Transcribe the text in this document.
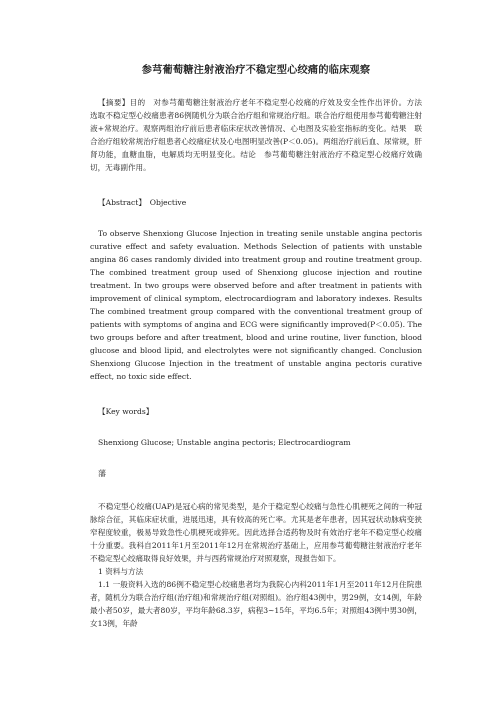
参芎葡萄糖注射液治疗不稳定型心绞痛的临床观察

【摘要】目的　对参芎葡萄糖注射液治疗老年不稳定型心绞痛的疗效及安全性作出评价。方法　选取不稳定型心绞痛患者86例随机分为联合治疗组和常规治疗组。联合治疗组使用参芎葡萄糖注射液+常规治疗。观察两组治疗前后患者临床症状改善情况、心电图及实验室指标的变化。结果　联合治疗组较常规治疗组患者心绞痛症状及心电图明显改善(P＜0.05)。两组治疗前后血、尿常规，肝肾功能，血糖血脂，电解质均无明显变化。结论　参芎葡萄糖注射液治疗不稳定型心绞痛疗效确切，无毒副作用。

【Abstract】　Objective

To observe Shenxiong Glucose Injection in treating senile unstable angina pectoris curative effect and safety evaluation. Methods Selection of patients with unstable angina 86 cases randomly divided into treatment group and routine treatment group. The combined treatment group used of Shenxiong glucose injection and routine treatment. In two groups were observed before and after treatment in patients with improvement of clinical symptom, electrocardiogram and laboratory indexes. Results The combined treatment group compared with the conventional treatment group of patients with symptoms of angina and ECG were significantly improved(P＜0.05). The two groups before and after treatment, blood and urine routine, liver function, blood glucose and blood lipid, and electrolytes were not significantly changed. Conclusion Shenxiong Glucose Injection in the treatment of unstable angina pectoris curative effect, no toxic side effect.

【Key words】

Shenxiong Glucose; Unstable angina pectoris; Electrocardiogram

藩

不稳定型心绞痛(UAP)是冠心病的常见类型，是介于稳定型心绞痛与急性心肌梗死之间的一种冠脉综合征，其临床症状重，进展迅速，具有较高的死亡率。尤其是老年患者，因其冠状动脉病变狭窄程度较重，极易导致急性心肌梗死或猝死。因此选择合适药物及时有效治疗老年不稳定型心绞痛十分重要。我科自2011年1月至2011年12月在常规治疗基础上，应用参芎葡萄糖注射液治疗老年不稳定型心绞痛取得良好效果，并与西药常规治疗对照观察，现报告如下。

1 资料与方法

1.1 一般资料入选的86例不稳定型心绞痛患者均为我院心内科2011年1月至2011年12月住院患者，随机分为联合治疗组(治疗组)和常规治疗组(对照组)。治疗组43例中，男29例，女14例，年龄最小者50岁，最大者80岁，平均年龄68.3岁，病程3~15年，平均6.5年；对照组43例中男30例，女13例，年龄
